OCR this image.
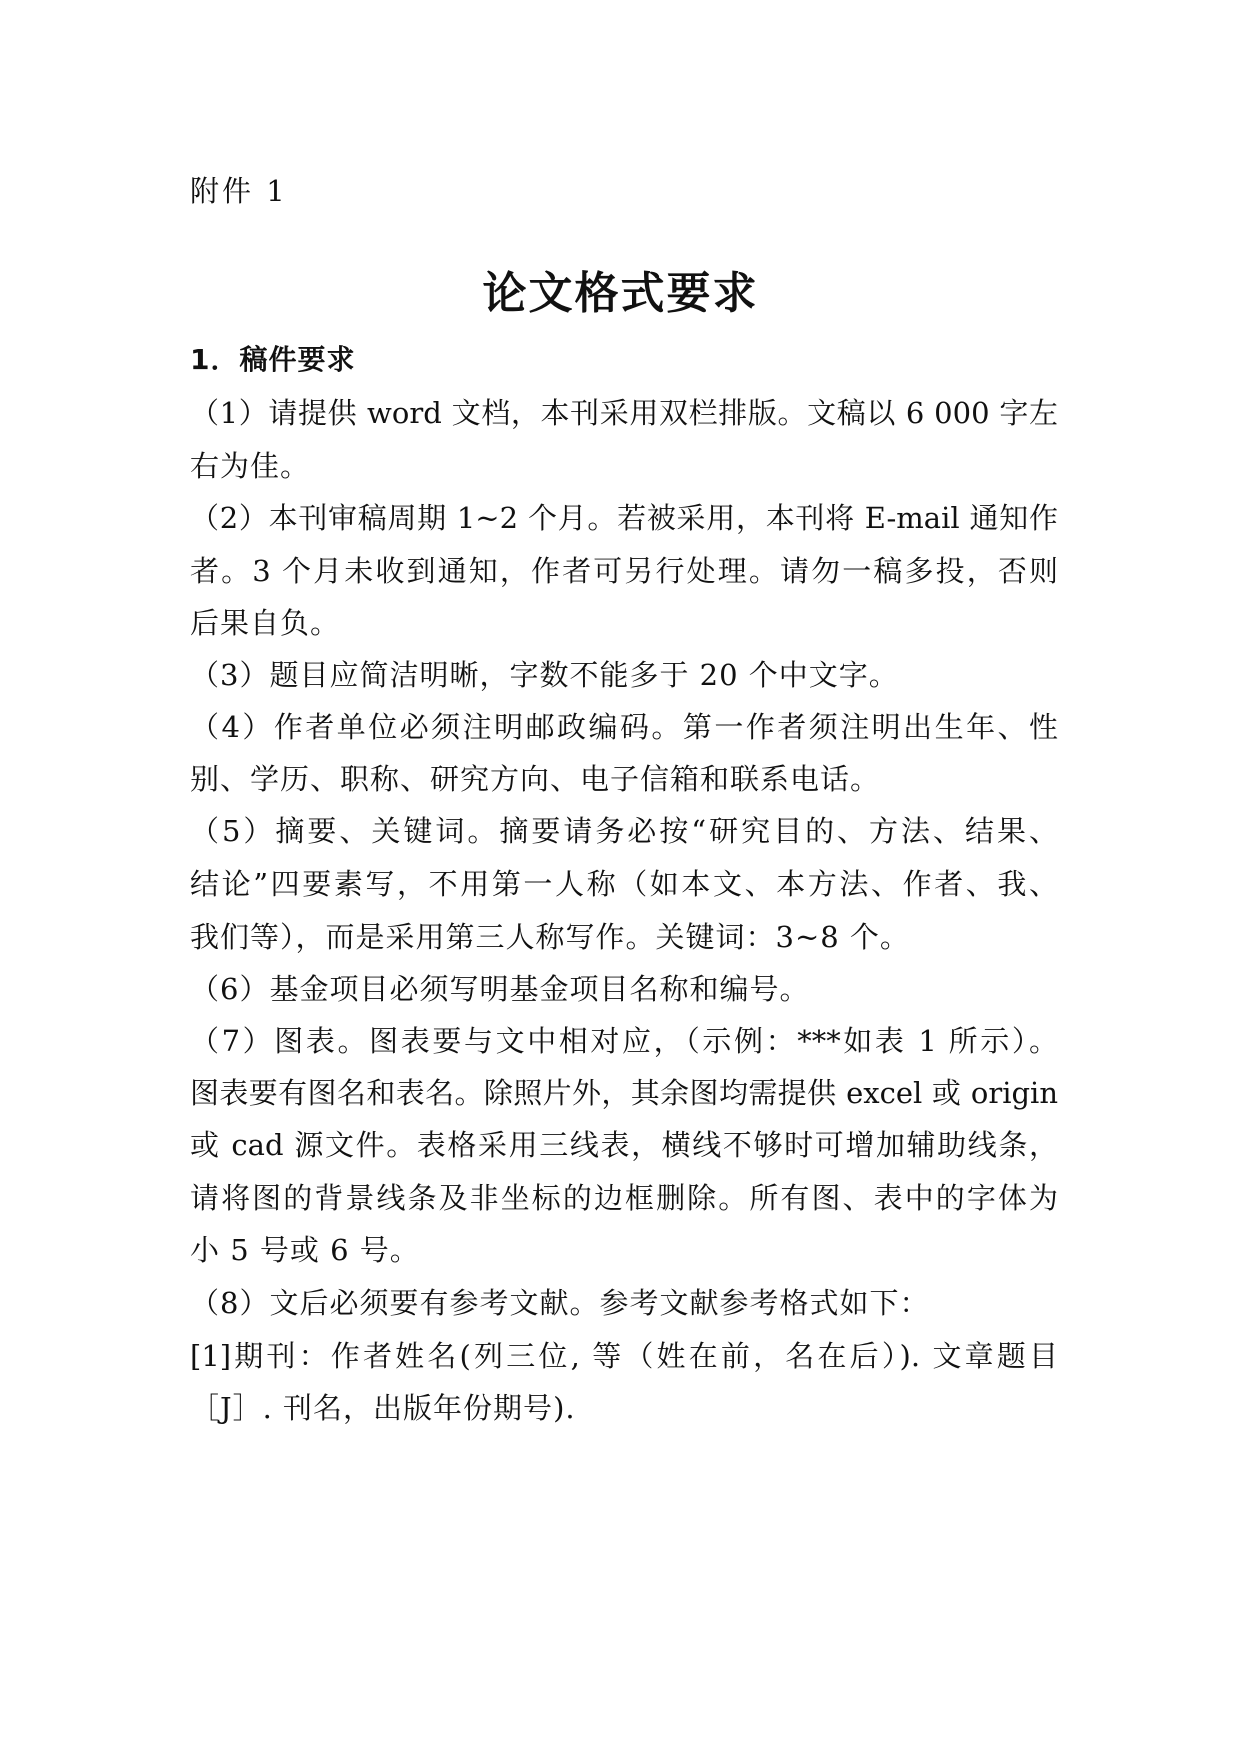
附件 1
论文格式要求
1．稿件要求
（1）请提供 word 文档，本刊采用双栏排版。文稿以 6 000 字左
右为佳。
（2）本刊审稿周期 1~2 个月。若被采用，本刊将 E-mail 通知作
者。3 个月未收到通知，作者可另行处理。请勿一稿多投，否则
后果自负。
（3）题目应简洁明晰，字数不能多于 20 个中文字。
（4）作者单位必须注明邮政编码。第一作者须注明出生年、性
别、学历、职称、研究方向、电子信箱和联系电话。
（5）摘要、关键词。摘要请务必按“研究目的、方法、结果、
结论”四要素写，不用第一人称（如本文、本方法、作者、我、
我们等），而是采用第三人称写作。关键词：3~8 个。
（6）基金项目必须写明基金项目名称和编号。
（7）图表。图表要与文中相对应，（示例：***如表 1 所示）。
图表要有图名和表名。除照片外，其余图均需提供 excel 或 origin
或 cad 源文件。表格采用三线表，横线不够时可增加辅助线条，
请将图的背景线条及非坐标的边框删除。所有图、表中的字体为
小 5 号或 6 号。
（8）文后必须要有参考文献。参考文献参考格式如下：
[1]期刊：作者姓名(列三位, 等（姓在前，名在后）). 文章题目
［J］. 刊名，出版年份期号).
